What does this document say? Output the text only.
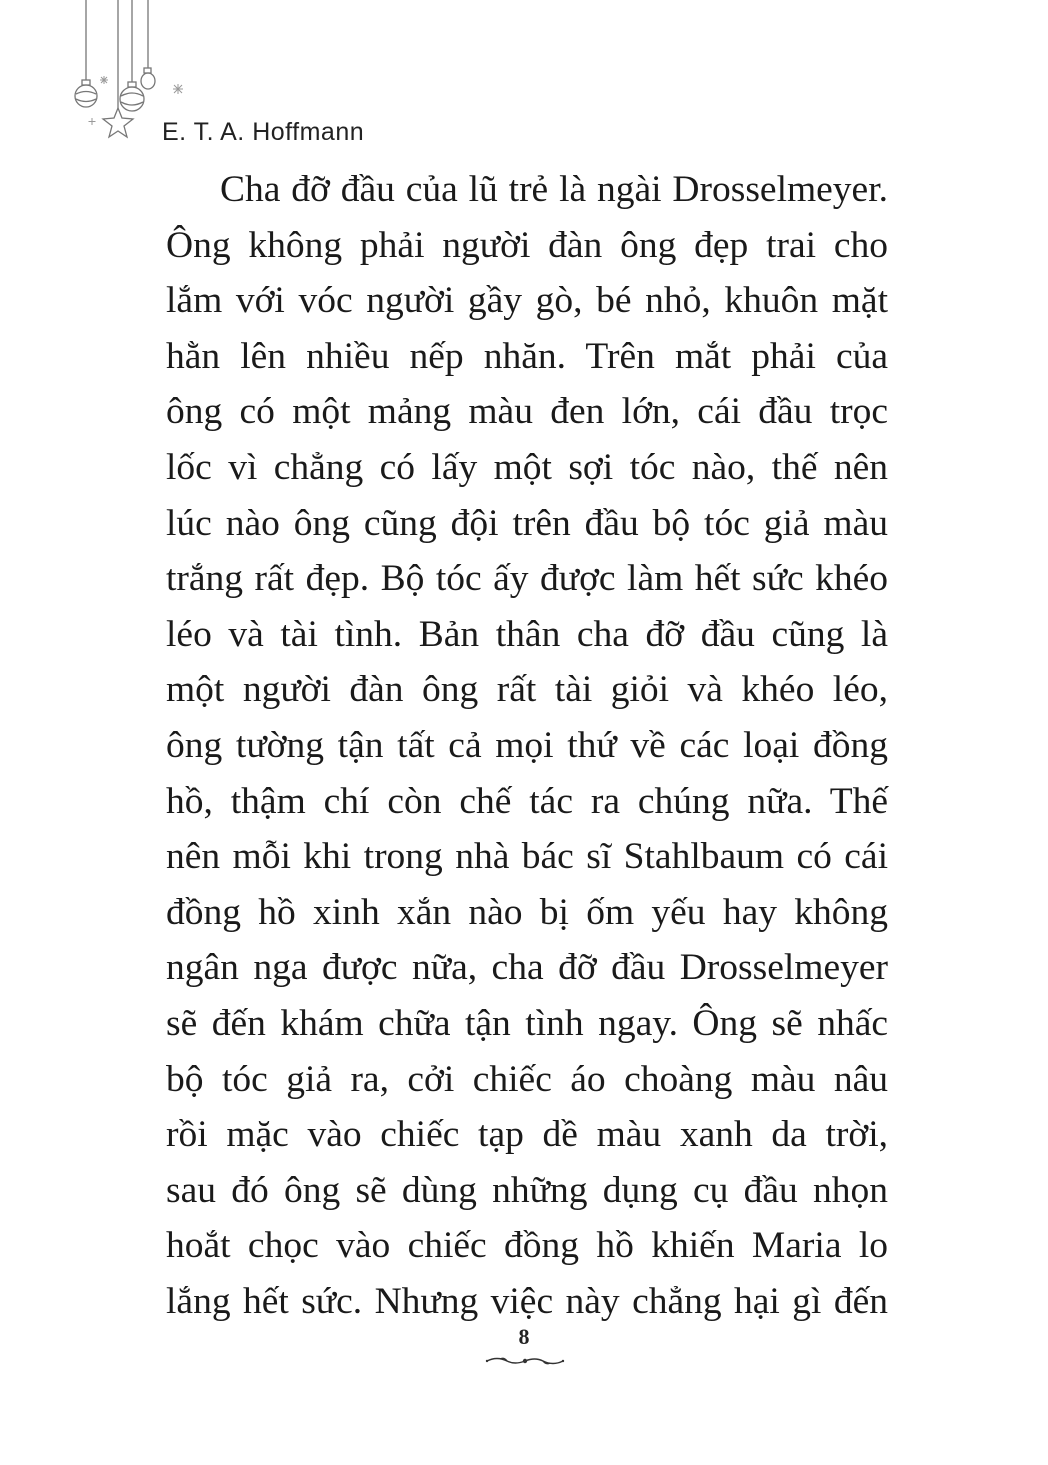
E. T. A. Hoffmann
Cha đỡ đầu của lũ trẻ là ngài Drosselmeyer.
Ông không phải người đàn ông đẹp trai cho
lắm với vóc người gầy gò, bé nhỏ, khuôn mặt
hằn lên nhiều nếp nhăn. Trên mắt phải của
ông có một mảng màu đen lớn, cái đầu trọc
lốc vì chẳng có lấy một sợi tóc nào, thế nên
lúc nào ông cũng đội trên đầu bộ tóc giả màu
trắng rất đẹp. Bộ tóc ấy được làm hết sức khéo
léo và tài tình. Bản thân cha đỡ đầu cũng là
một người đàn ông rất tài giỏi và khéo léo,
ông tường tận tất cả mọi thứ về các loại đồng
hồ, thậm chí còn chế tác ra chúng nữa. Thế
nên mỗi khi trong nhà bác sĩ Stahlbaum có cái
đồng hồ xinh xắn nào bị ốm yếu hay không
ngân nga được nữa, cha đỡ đầu Drosselmeyer
sẽ đến khám chữa tận tình ngay. Ông sẽ nhấc
bộ tóc giả ra, cởi chiếc áo choàng màu nâu
rồi mặc vào chiếc tạp dề màu xanh da trời,
sau đó ông sẽ dùng những dụng cụ đầu nhọn
hoắt chọc vào chiếc đồng hồ khiến Maria lo
lắng hết sức. Nhưng việc này chẳng hại gì đến
8
